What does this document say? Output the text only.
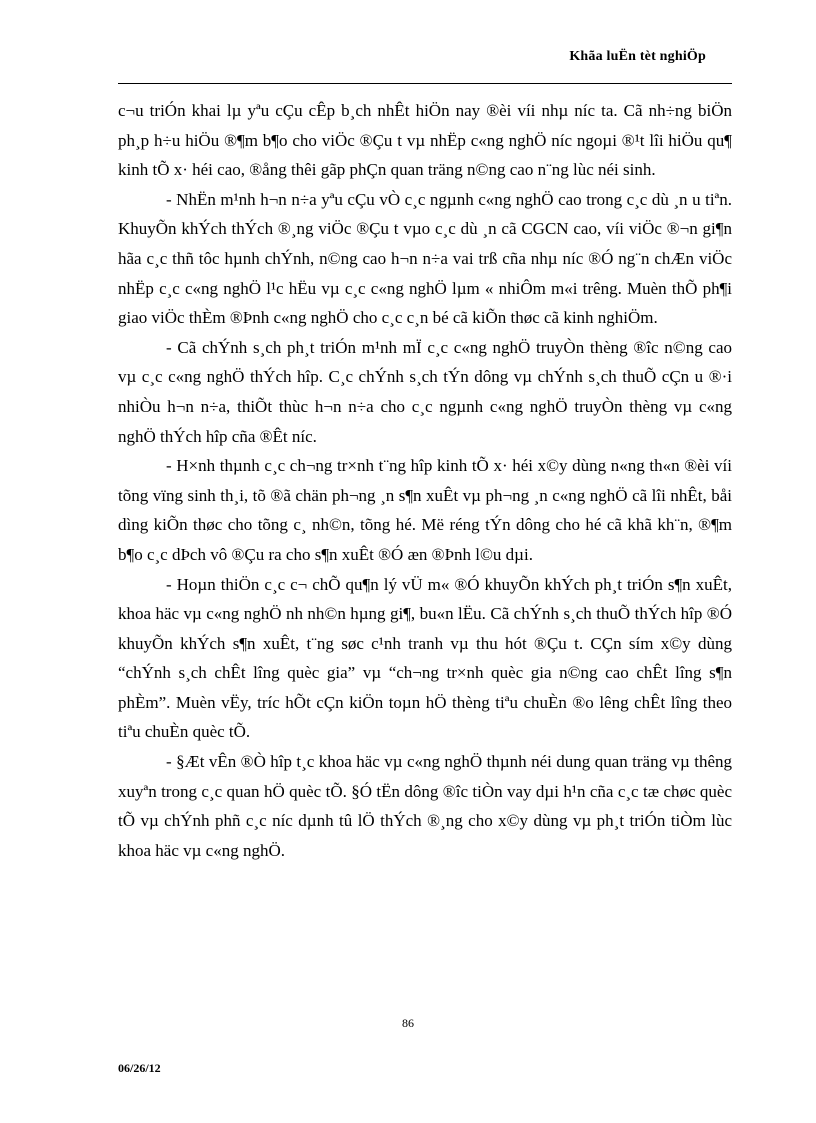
Khãa luËn tèt nghiÖp

c¬u triÓn khai lµ yªu cÇu cÊp b¸ch nhÊt hiÖn nay ®èi víi nhµ níc ta. Cã nh÷ng biÖn ph¸p h÷u hiÖu ®¶m b¶o cho viÖc ®Çu t vµ nhËp c«ng nghÖ níc ngoµi ®¹t lîi hiÖu qu¶ kinh tÕ x· héi cao, ®ång thêi gãp phÇn quan träng n©ng cao n¨ng lùc néi sinh.

- NhËn m¹nh h¬n n÷a yªu cÇu vÒ c¸c ngµnh c«ng nghÖ cao trong c¸c dù ¸n u tiªn. KhuyÕn khÝch thÝch ®¸ng viÖc ®Çu t vµo c¸c dù ¸n cã CGCN cao, víi viÖc ®¬n gi¶n hãa c¸c thñ tôc hµnh chÝnh, n©ng cao h¬n n÷a vai trß cña nhµ níc ®Ó ng¨n chÆn viÖc nhËp c¸c c«ng nghÖ l¹c hËu vµ c¸c c«ng nghÖ lµm « nhiÔm m«i trêng. Muèn thÕ ph¶i giao viÖc thÈm ®Þnh c«ng nghÖ cho c¸c c¸n bé cã kiÕn thøc cã kinh nghiÖm.

- Cã chÝnh s¸ch ph¸t triÓn m¹nh mÏ c¸c c«ng nghÖ truyÒn thèng ®îc n©ng cao vµ c¸c c«ng nghÖ thÝch hîp. C¸c chÝnh s¸ch tÝn dông vµ chÝnh s¸ch thuÕ cÇn u ®·i nhiÒu h¬n n÷a, thiÕt thùc h¬n n÷a cho c¸c ngµnh c«ng nghÖ truyÒn thèng vµ c«ng nghÖ thÝch hîp cña ®Êt níc.

- H×nh thµnh c¸c ch¬ng tr×nh t¨ng hîp kinh tÕ x· héi x©y dùng n«ng th«n ®èi víi tõng vïng sinh th¸i, tõ ®ã chän ph¬ng ¸n s¶n xuÊt vµ ph¬ng ¸n c«ng nghÖ cã lîi nhÊt, båi dìng kiÕn thøc cho tõng c¸ nh©n, tõng hé. Më réng tÝn dông cho hé cã khã kh¨n, ®¶m b¶o c¸c dÞch vô ®Çu ra cho s¶n xuÊt ®Ó æn ®Þnh l©u dµi.

- Hoµn thiÖn c¸c c¬ chÕ qu¶n lý vÜ m« ®Ó khuyÕn khÝch ph¸t triÓn s¶n xuÊt, khoa häc vµ c«ng nghÖ nh nh©n hµng gi¶, bu«n lËu. Cã chÝnh s¸ch thuÕ thÝch hîp ®Ó khuyÕn khÝch s¶n xuÊt, t¨ng søc c¹nh tranh vµ thu hót ®Çu t. CÇn sím x©y dùng “chÝnh s¸ch chÊt lîng quèc gia” vµ “ch¬ng tr×nh quèc gia n©ng cao chÊt lîng s¶n phÈm”. Muèn vËy, tríc hÕt cÇn kiÖn toµn hÖ thèng tiªu chuÈn ®o lêng chÊt lîng theo tiªu chuÈn quèc tÕ.

- §Æt vÊn ®Ò hîp t¸c khoa häc vµ c«ng nghÖ thµnh néi dung quan träng vµ thêng xuyªn trong c¸c quan hÖ quèc tÕ. §Ó tËn dông ®îc tiÒn vay dµi h¹n cña c¸c tæ chøc quèc tÕ vµ chÝnh phñ c¸c níc dµnh tû lÖ thÝch ®¸ng cho x©y dùng vµ ph¸t triÓn tiÒm lùc khoa häc vµ c«ng nghÖ.

86
06/26/12
